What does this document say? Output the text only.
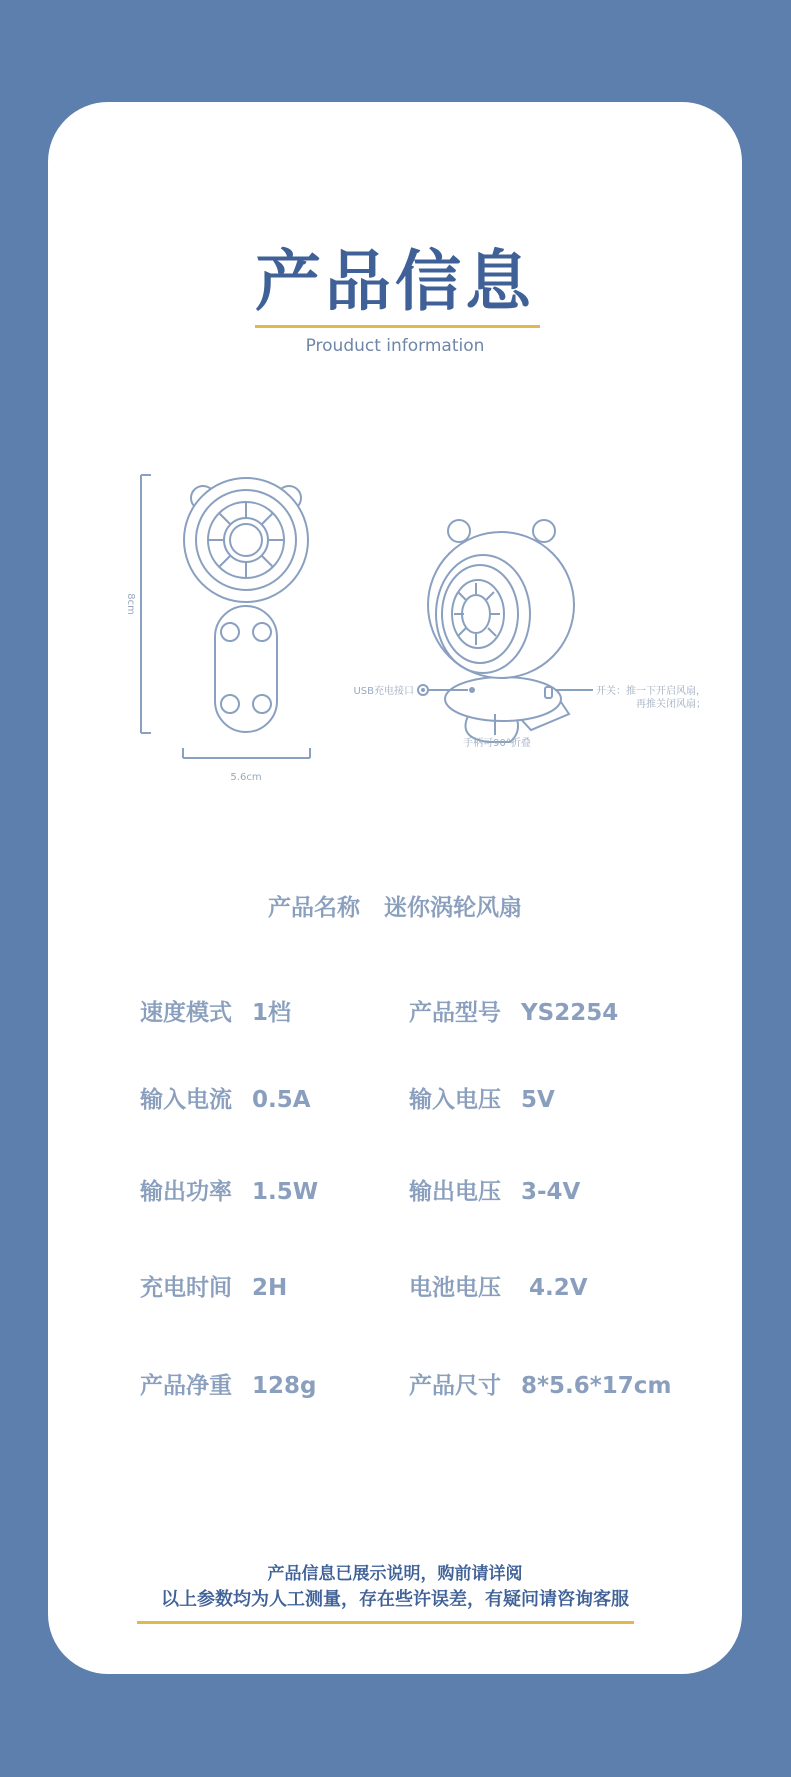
产品信息
Prouduct information
8cm
5.6cm
USB充电接口	开关：推一下开启风扇，
再推关闭风扇；
手柄可90°折叠
产品名称 迷你涡轮风扇
速度模式 1档	产品型号 YS2254
输入电流 0.5A	输入电压 5V
输出功率 1.5W	输出电压 3-4V
充电时间 2H	电池电压 4.2V
产品净重 128g	产品尺寸 8*5.6*17cm
产品信息已展示说明，购前请详阅
以上参数均为人工测量，存在些许误差，有疑问请咨询客服
